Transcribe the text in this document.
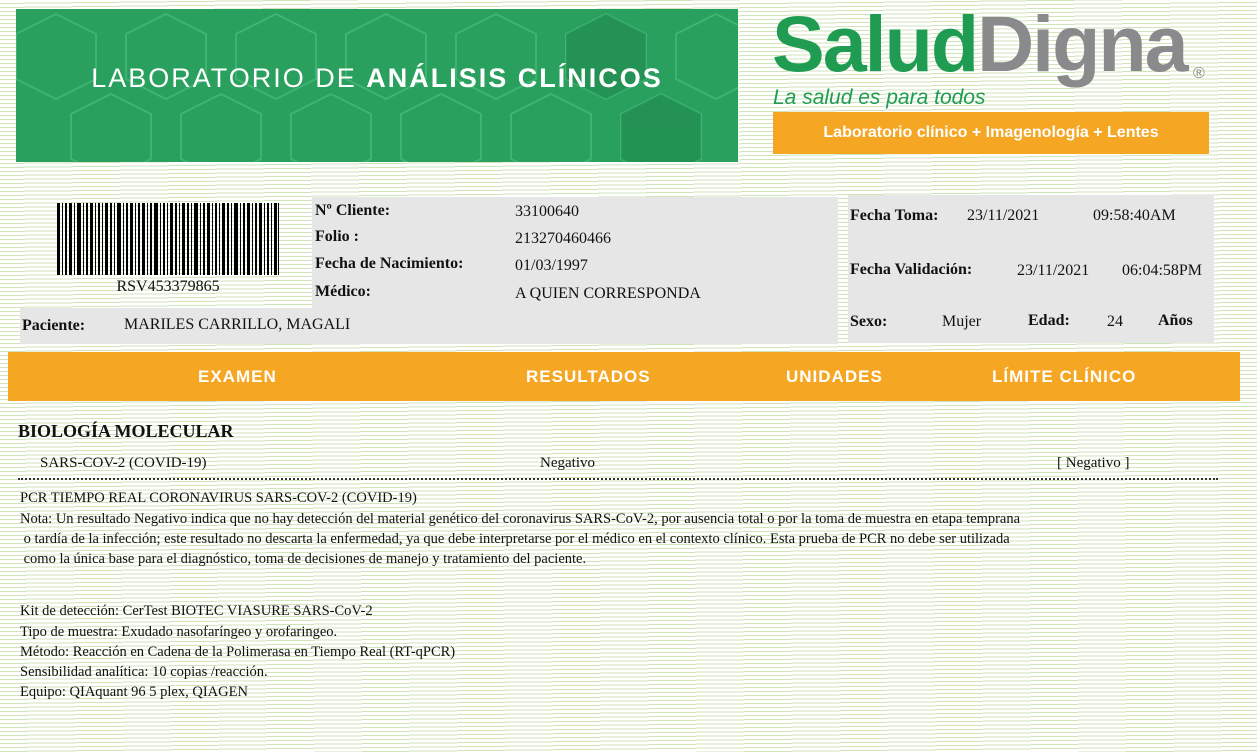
LABORATORIO DE ANÁLISIS CLÍNICOS	SaludDigna ®
La salud es para todos
Laboratorio clínico + Imagenología + Lentes
RSV453379865
Nº Cliente:	33100640
Folio :	213270460466
Fecha de Nacimiento:	01/03/1997
Médico:	A QUIEN CORRESPONDA
Paciente: MARILES CARRILLO, MAGALI
Fecha Toma: 23/11/2021	09:58:40AM
Fecha Validación:	23/11/2021 06:04:58PM
Sexo:	Mujer	Edad: 24 Años
EXAMEN	RESULTADOS	UNIDADES	LÍMITE CLÍNICO
BIOLOGÍA MOLECULAR
SARS-COV-2 (COVID-19)	Negativo	[ Negativo ]
PCR TIEMPO REAL CORONAVIRUS SARS-COV-2 (COVID-19)
Nota: Un resultado Negativo indica que no hay detección del material genético del coronavirus SARS-CoV-2, por ausencia total o por la toma de muestra en etapa temprana
o tardía de la infección; este resultado no descarta la enfermedad, ya que debe interpretarse por el médico en el contexto clínico. Esta prueba de PCR no debe ser utilizada
como la única base para el diagnóstico, toma de decisiones de manejo y tratamiento del paciente.
Kit de detección: CerTest BIOTEC VIASURE SARS-CoV-2
Tipo de muestra: Exudado nasofaríngeo y orofaringeo.
Método: Reacción en Cadena de la Polimerasa en Tiempo Real (RT-qPCR)
Sensibilidad analítica: 10 copias /reacción.
Equipo: QIAquant 96 5 plex, QIAGEN
